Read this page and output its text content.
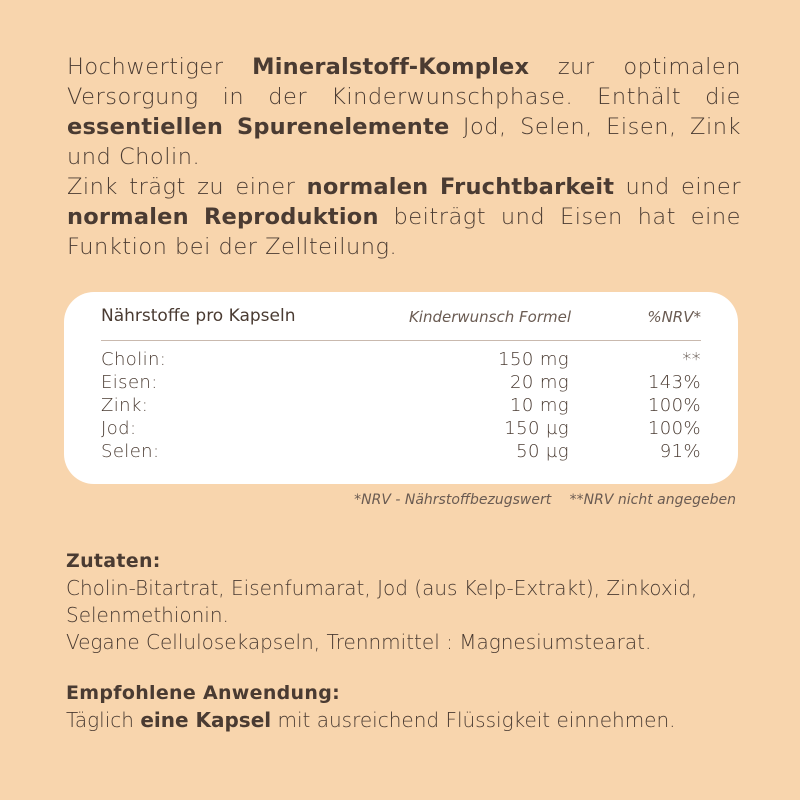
Hochwertiger Mineralstoff-Komplex zur optimalen Versorgung in der Kinderwunschphase. Enthält die essentiellen Spurenelemente Jod, Selen, Eisen, Zink und Cholin.

Zink trägt zu einer normalen Fruchtbarkeit und einer normalen Reproduktion beiträgt und Eisen hat eine Funktion bei der Zellteilung.

Nährstoffe pro Kapseln	Kinderwunsch Formel	%NRV*
Cholin:	150 mg	**
Eisen:	20 mg	143%
Zink:	10 mg	100%
Jod:	150 µg	100%
Selen:	50 µg	91%
*NRV - Nährstoffbezugswert **NRV nicht angegeben
Zutaten:
Cholin-Bitartrat, Eisenfumarat, Jod (aus Kelp-Extrakt), Zinkoxid, Selenmethionin.
Vegane Cellulosekapseln, Trennmittel : Magnesiumstearat.
Empfohlene Anwendung:
Täglich eine Kapsel mit ausreichend Flüssigkeit einnehmen.
